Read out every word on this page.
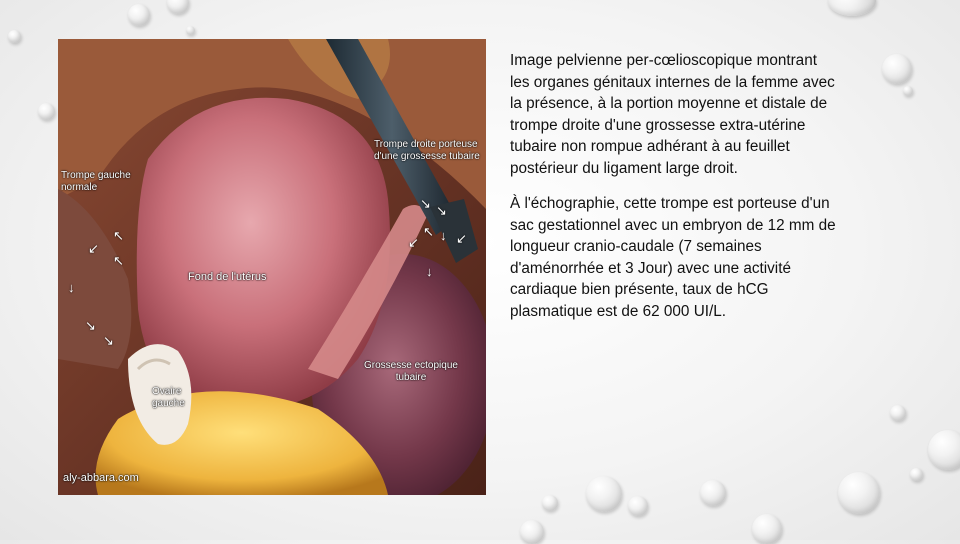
Trompe gauche
normale
Trompe droite porteuse
d'une grossesse tubaire
Fond de l'utérus
Grossesse ectopique
tubaire
Ovaire
gauche
aly-abbara.com
↙
↖
↖
↓
↘
↘
↘ ↘
↖
↙ ↓
↓
↙

Image pelvienne per-cœlioscopique montrant les organes génitaux internes de la femme avec la présence, à la portion moyenne et distale de trompe droite d'une grossesse extra-utérine tubaire non rompue adhérant à au feuillet postérieur du ligament large droit.

À l'échographie, cette trompe est porteuse d'un sac gestationnel avec un embryon de 12 mm de longueur cranio-caudale (7 semaines d'aménorrhée et 3 Jour) avec une activité cardiaque bien présente, taux de hCG plasmatique est de 62 000 UI/L.
